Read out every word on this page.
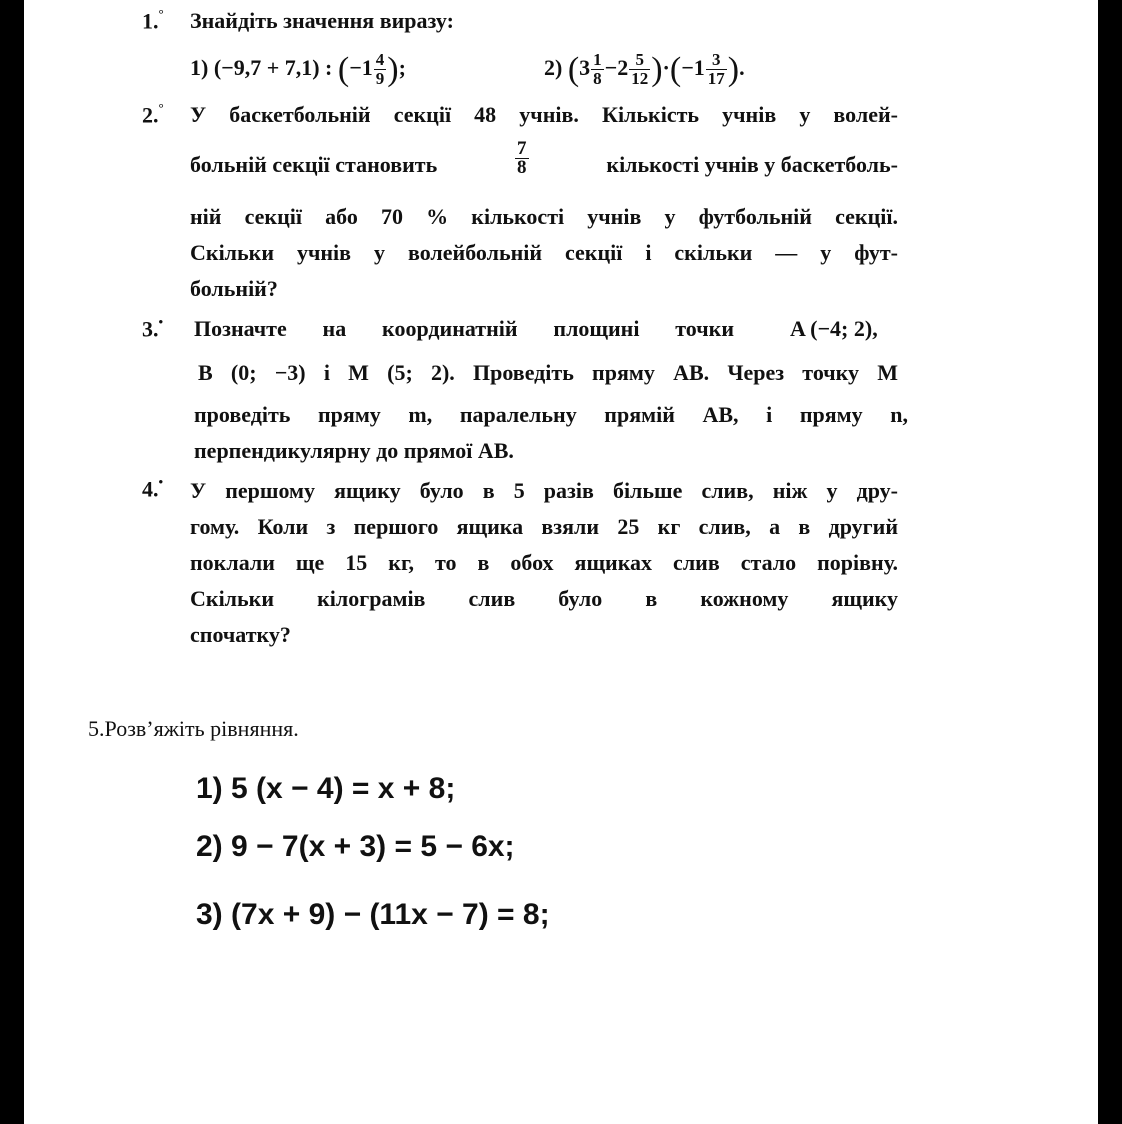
1.° Знайдіть значення виразу:
1) (−9,7 + 7,1) : ($-1 \frac{4}{9}$ );	2) $(3 \frac{1}{8} -2 \frac{5}{12} )\cdot(-1 \frac{3}{17}$ ).
2.° У баскетбольній секції 48 учнів. Кількість учнів у волей-
больній секції становить	$\frac{7}{8}$	кількості учнів у баскетболь-
ній секції або 70 % кількості учнів у футбольній секції.
Скільки учнів у волейбольній секції і скільки — у фут-
больній?
3.• Позначте на координатній площині точки	A (−4; 2),
B (0; −3) і M (5; 2). Проведіть пряму AB. Через точку M
проведіть пряму m, паралельну прямій AB, і пряму n,
перпендикулярну до прямої AB.
4.• У першому ящику було в 5 разів більше слив, ніж у дру-
гому. Коли з першого ящика взяли 25 кг слив, а в другий
поклали ще 15 кг, то в обох ящиках слив стало порівну.
Скільки кілограмів слив було в кожному ящику
спочатку?
5.Розв’яжіть рівняння.
1) 5 (x − 4) = x + 8;
2) 9 − 7(x + 3) = 5 − 6x;
3) (7x + 9) − (11x − 7) = 8;
